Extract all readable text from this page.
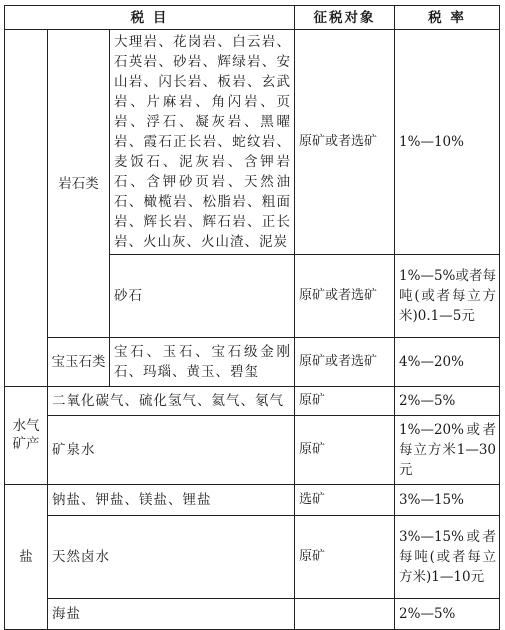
税 目			征税对象	税 率
	岩石类	大理岩、花岗岩、白云岩、石英岩、砂岩、辉绿岩、安山岩、闪长岩、板岩、玄武岩、片麻岩、角闪岩、页岩、浮石、凝灰岩、黑曜岩、霞石正长岩、蛇纹岩、麦饭石、泥灰岩、含钾岩石、含钾砂页岩、天然油石、橄榄岩、松脂岩、粗面岩、辉长岩、辉石岩、正长岩、火山灰、火山渣、泥炭	原矿或者选矿	1%—10%
		砂石	原矿或者选矿	1%—5%或者每吨(或者每立方米)0.1—5元
	宝玉石类	宝石、玉石、宝石级金刚石、玛瑙、黄玉、碧玺	原矿或者选矿	4%—20%
水气矿产	二氧化碳气、硫化氢气、氦气、氡气		原矿	2%—5%
	矿泉水		原矿	1%—20%或者每立方米1—30元
盐	钠盐、钾盐、镁盐、锂盐		选矿	3%—15%
	天然卤水		原矿	3%—15%或者每吨(或者每立方米)1—10元
	海盐			2%—5%
